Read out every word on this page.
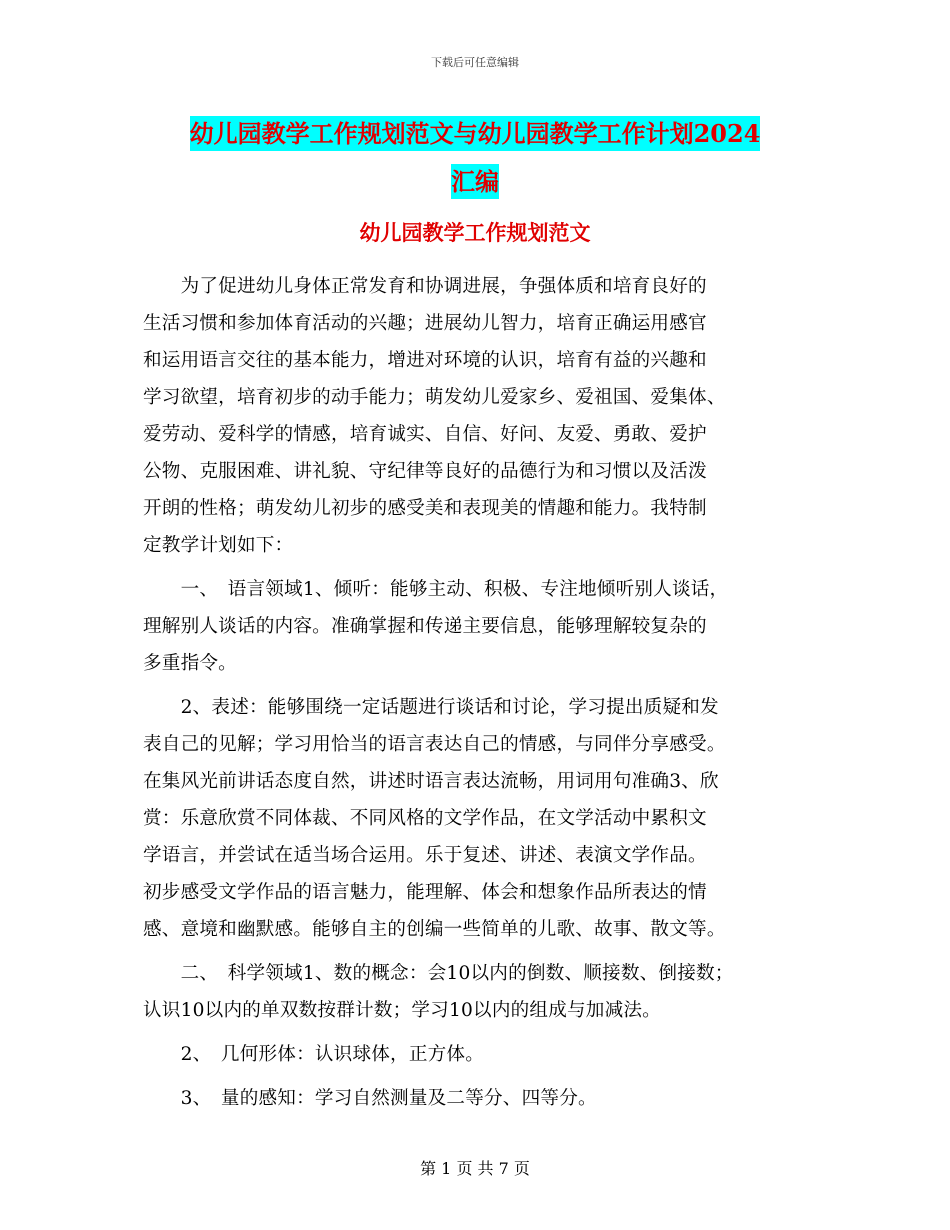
下载后可任意编辑
幼儿园教学工作规划范文与幼儿园教学工作计划2024
汇编
幼儿园教学工作规划范文
　　为了促进幼儿身体正常发育和协调进展，争强体质和培育良好的
生活习惯和参加体育活动的兴趣；进展幼儿智力，培育正确运用感官
和运用语言交往的基本能力，增进对环境的认识，培育有益的兴趣和
学习欲望，培育初步的动手能力；萌发幼儿爱家乡、爱祖国、爱集体、
爱劳动、爱科学的情感，培育诚实、自信、好问、友爱、勇敢、爱护
公物、克服困难、讲礼貌、守纪律等良好的品德行为和习惯以及活泼
开朗的性格；萌发幼儿初步的感受美和表现美的情趣和能力。我特制
定教学计划如下：
　　一、　语言领域1、倾听：能够主动、积极、专注地倾听别人谈话，
理解别人谈话的内容。准确掌握和传递主要信息，能够理解较复杂的
多重指令。
　　2、表述：能够围绕一定话题进行谈话和讨论，学习提出质疑和发
表自己的见解；学习用恰当的语言表达自己的情感，与同伴分享感受。
在集风光前讲话态度自然，讲述时语言表达流畅，用词用句准确3、欣
赏：乐意欣赏不同体裁、不同风格的文学作品，在文学活动中累积文
学语言，并尝试在适当场合运用。乐于复述、讲述、表演文学作品。
初步感受文学作品的语言魅力，能理解、体会和想象作品所表达的情
感、意境和幽默感。能够自主的创编一些简单的儿歌、故事、散文等。
　　二、　科学领域1、数的概念：会10以内的倒数、顺接数、倒接数；
认识10以内的单双数按群计数；学习10以内的组成与加减法。
　　2、　几何形体：认识球体，正方体。
　　3、　量的感知：学习自然测量及二等分、四等分。
第 1 页 共 7 页
